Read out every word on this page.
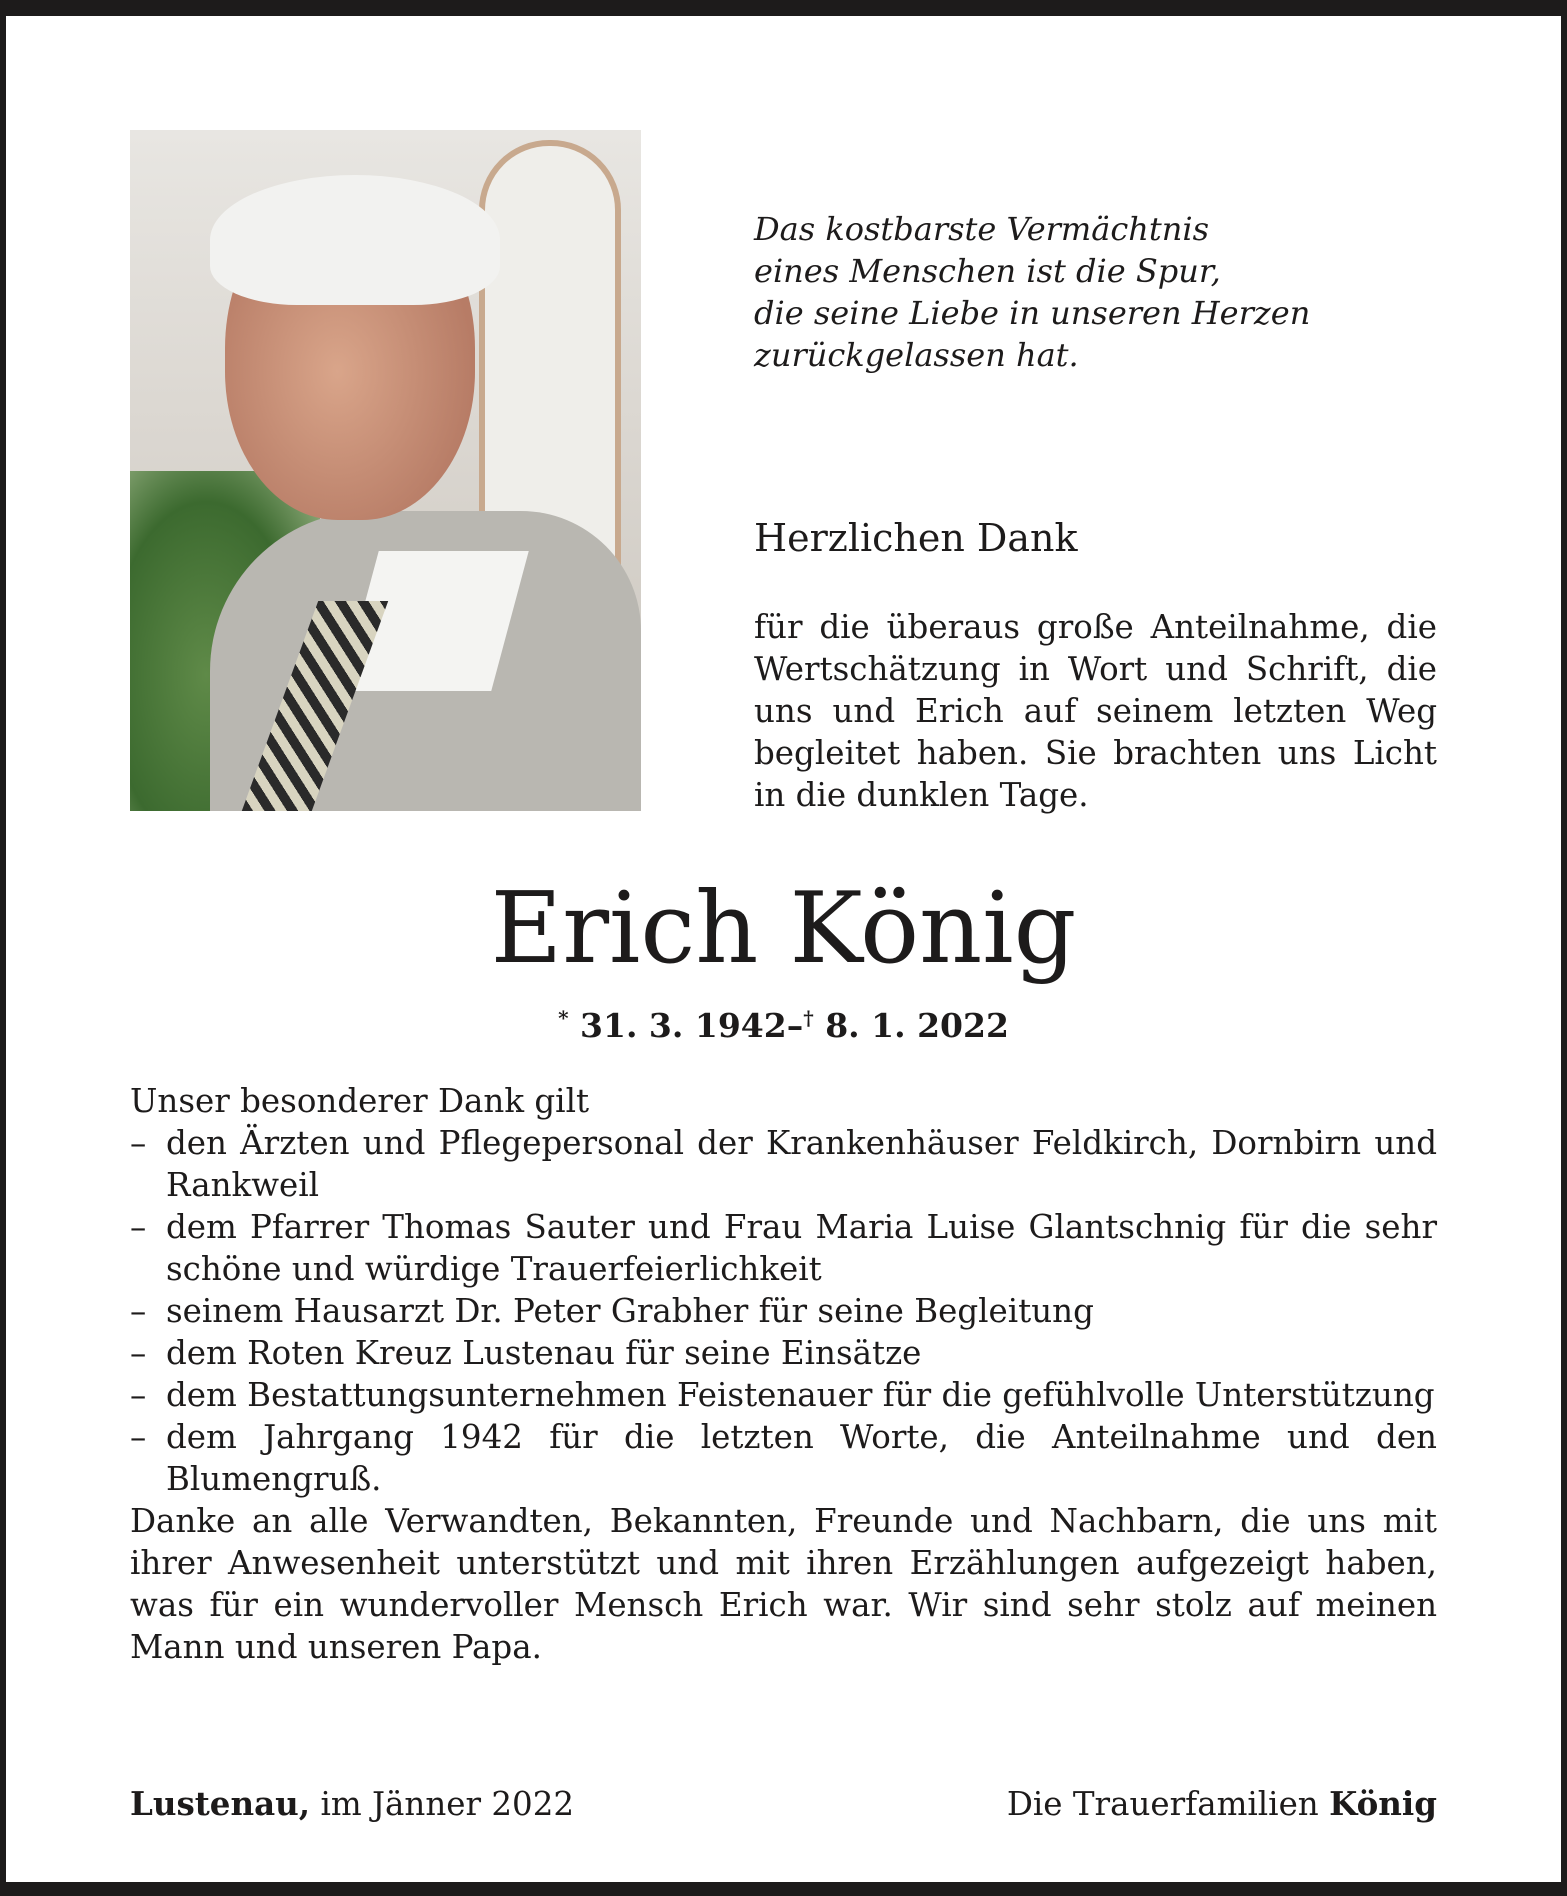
Das kostbarste Vermächtnis
eines Menschen ist die Spur,
die seine Liebe in unseren Herzen
zurückgelassen hat.
Herzlichen Dank
für die überaus große Anteilnahme, die Wertschätzung in Wort und Schrift, die uns und Erich auf seinem letzten Weg begleitet haben. Sie brachten uns Licht in die dunklen Tage.
Erich König
* 31. 3. 1942–† 8. 1. 2022

Unser besonderer Dank gilt

– den Ärzten und Pflegepersonal der Krankenhäuser Feldkirch, Dornbirn und Rankweil
– dem Pfarrer Thomas Sauter und Frau Maria Luise Glantschnig für die sehr schöne und würdige Trauerfeierlichkeit
– seinem Hausarzt Dr. Peter Grabher für seine Begleitung
– dem Roten Kreuz Lustenau für seine Einsätze
– dem Bestattungsunternehmen Feistenauer für die gefühlvolle Unterstützung
– dem Jahrgang 1942 für die letzten Worte, die Anteilnahme und den Blumengruß.

Danke an alle Verwandten, Bekannten, Freunde und Nachbarn, die uns mit ihrer Anwesenheit unterstützt und mit ihren Erzählungen aufgezeigt haben, was für ein wundervoller Mensch Erich war. Wir sind sehr stolz auf meinen Mann und unseren Papa.

Lustenau, im Jänner 2022	Die Trauerfamilien König
